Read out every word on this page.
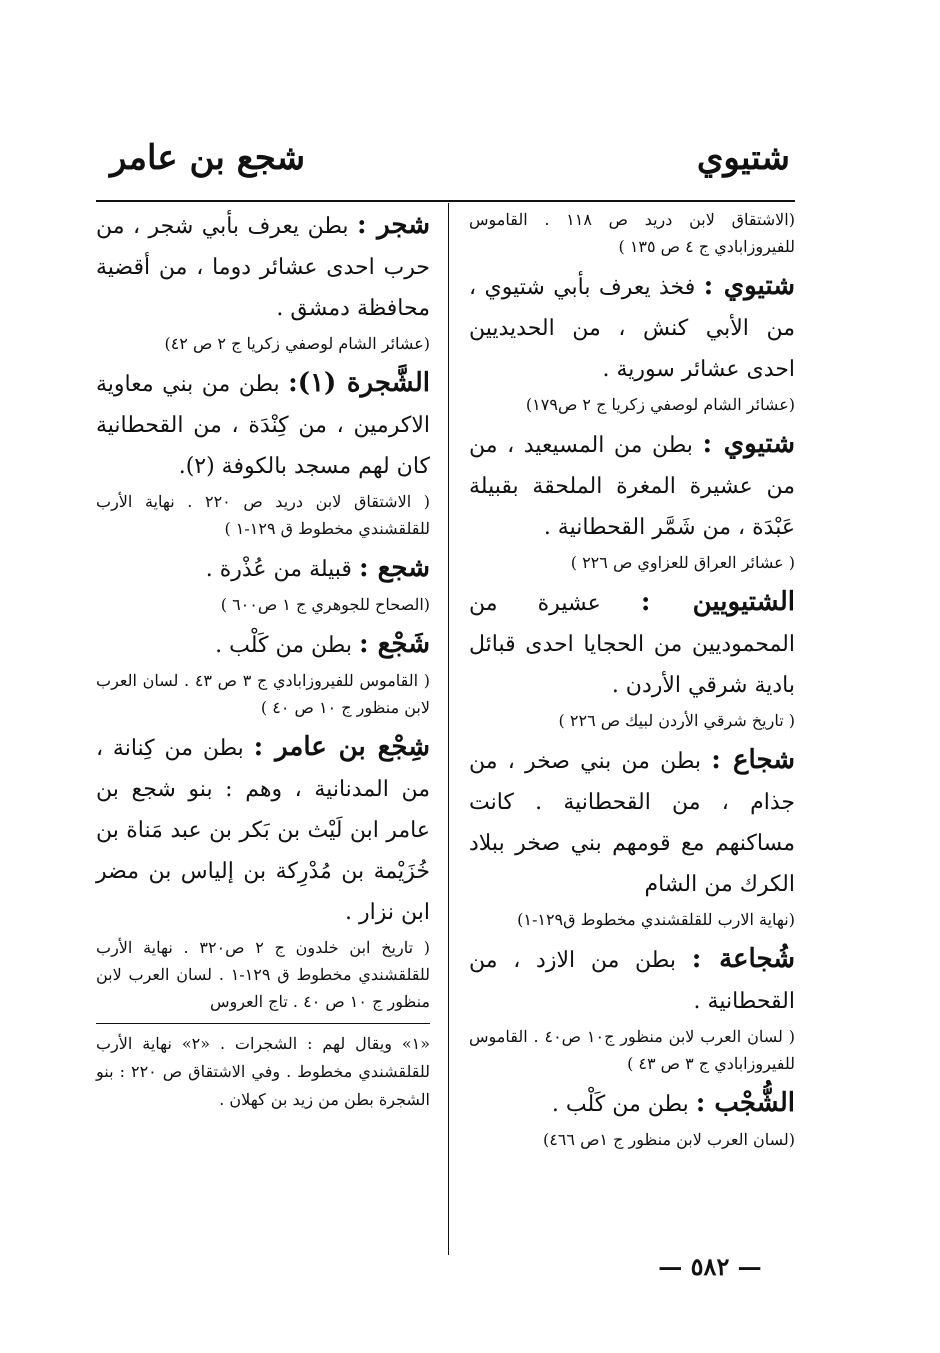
شتيوي
شجع بن عامر
(الاشتقاق لابن دريد ص ١١٨ . القاموس للفيروزابادي ج ٤ ص ١٣٥ )
شتيوي : فخذ يعرف بأبي شتيوي ، من الأبي كنش ، من الحديديين احدى عشائر سورية .
(عشائر الشام لوصفي زكريا ج ٢ ص١٧٩)
شتيوي : بطن من المسيعيد ، من من عشيرة المغرة الملحقة بقبيلة عَبْدَة ، من شَمَّر القحطانية .
( عشائر العراق للعزاوي ص ٢٢٦ )
الشتيويين : عشيرة من المحموديين من الحجايا احدى قبائل بادية شرقي الأردن .
( تاريخ شرقي الأردن لبيك ص ٢٢٦ )
شجاع : بطن من بني صخر ، من جذام ، من القحطانية . كانت مساكنهم مع قومهم بني صخر ببلاد الكرك من الشام
(نهاية الارب للقلقشندي مخطوط ق١٢٩-١)
شُجاعة : بطن من الازد ، من القحطانية .
( لسان العرب لابن منظور ج١٠ ص٤٠ . القاموس للفيروزابادي ج ٣ ص ٤٣ )
الشُّجْب : بطن من كَلْب .
(لسان العرب لابن منظور ج ١ص ٤٦٦)
شجر : بطن يعرف بأبي شجر ، من حرب احدى عشائر دوما ، من أقضية محافظة دمشق .
(عشائر الشام لوصفي زكريا ج ٢ ص ٤٢)
الشَّجرة (١): بطن من بني معاوية الاكرمين ، من كِنْدَة ، من القحطانية كان لهم مسجد بالكوفة (٢).
( الاشتقاق لابن دريد ص ٢٢٠ . نهاية الأرب للقلقشندي مخطوط ق ١٢٩-١ )
شجع : قبيلة من عُذْرة .
(الصحاح للجوهري ج ١ ص٦٠٠ )
شَجْع : بطن من كَلْب .
( القاموس للفيروزابادي ج ٣ ص ٤٣ . لسان العرب لابن منظور ج ١٠ ص ٤٠ )
شِجْع بن عامر : بطن من كِنانة ، من المدنانية ، وهم : بنو شجع بن عامر ابن لَيْث بن بَكر بن عبد مَناة بن خُزَيْمة بن مُدْرِكة بن إلياس بن مضر ابن نزار .
( تاريخ ابن خلدون ج ٢ ص٣٢٠ . نهاية الأرب للقلقشندي مخطوط ق ١٢٩-١ . لسان العرب لابن منظور ج ١٠ ص ٤٠ . تاج العروس
«١» ويقال لهم : الشجرات . «٢» نهاية الأرب للقلقشندي مخطوط . وفي الاشتقاق ص ٢٢٠ : بنو الشجرة بطن من زيد بن كهلان .
— ٥٨٢ —
